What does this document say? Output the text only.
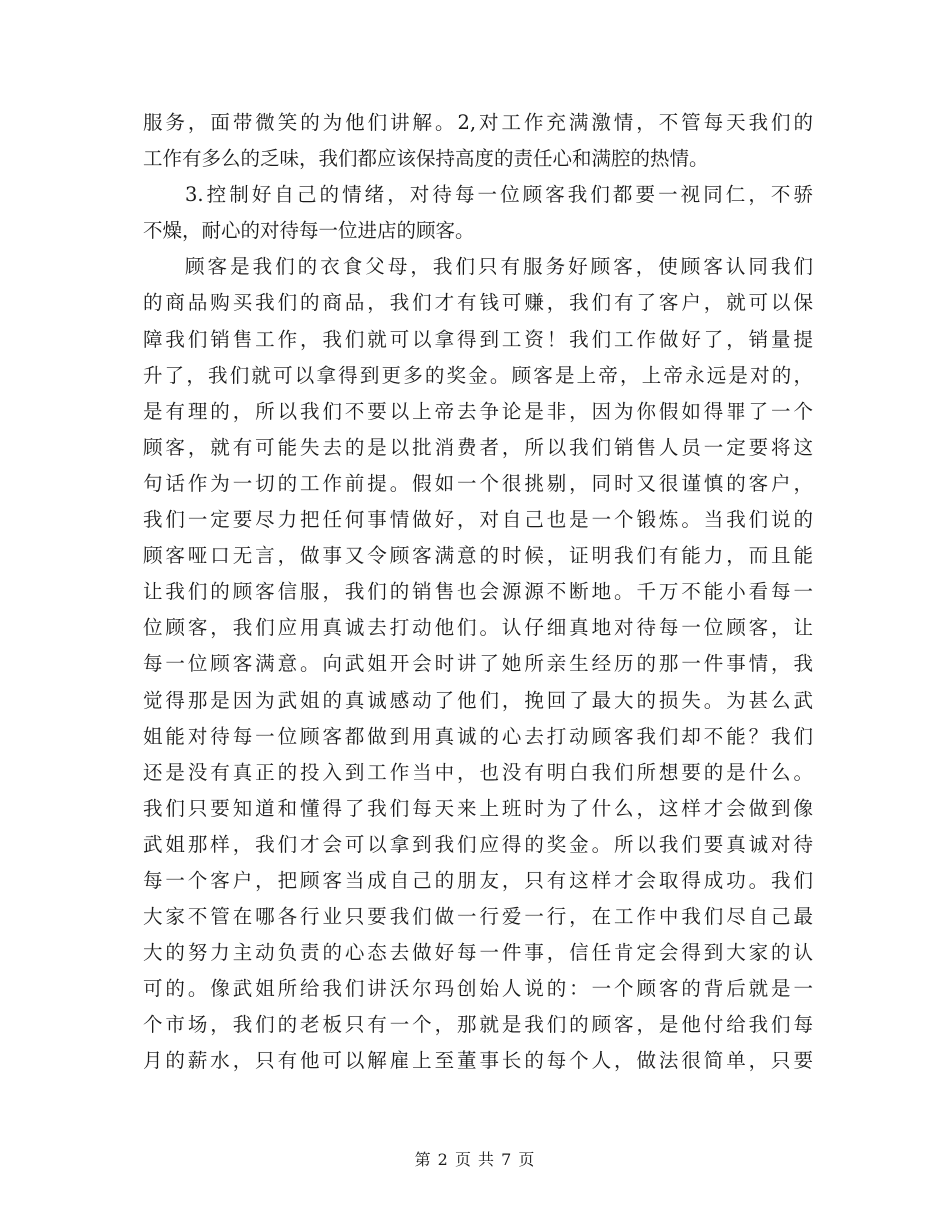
服务，面带微笑的为他们讲解。2,对工作充满激情，不管每天我们的
工作有多么的乏味，我们都应该保持高度的责任心和满腔的热情。
3.控制好自己的情绪，对待每一位顾客我们都要一视同仁，不骄
不燥，耐心的对待每一位进店的顾客。
顾客是我们的衣食父母，我们只有服务好顾客，使顾客认同我们
的商品购买我们的商品，我们才有钱可赚，我们有了客户，就可以保
障我们销售工作，我们就可以拿得到工资！我们工作做好了，销量提
升了，我们就可以拿得到更多的奖金。顾客是上帝，上帝永远是对的，
是有理的，所以我们不要以上帝去争论是非，因为你假如得罪了一个
顾客，就有可能失去的是以批消费者，所以我们销售人员一定要将这
句话作为一切的工作前提。假如一个很挑剔，同时又很谨慎的客户，
我们一定要尽力把任何事情做好，对自己也是一个锻炼。当我们说的
顾客哑口无言，做事又令顾客满意的时候，证明我们有能力，而且能
让我们的顾客信服，我们的销售也会源源不断地。千万不能小看每一
位顾客，我们应用真诚去打动他们。认仔细真地对待每一位顾客，让
每一位顾客满意。向武姐开会时讲了她所亲生经历的那一件事情，我
觉得那是因为武姐的真诚感动了他们，挽回了最大的损失。为甚么武
姐能对待每一位顾客都做到用真诚的心去打动顾客我们却不能？我们
还是没有真正的投入到工作当中，也没有明白我们所想要的是什么。
我们只要知道和懂得了我们每天来上班时为了什么，这样才会做到像
武姐那样，我们才会可以拿到我们应得的奖金。所以我们要真诚对待
每一个客户，把顾客当成自己的朋友，只有这样才会取得成功。我们
大家不管在哪各行业只要我们做一行爱一行，在工作中我们尽自己最
大的努力主动负责的心态去做好每一件事，信任肯定会得到大家的认
可的。像武姐所给我们讲沃尔玛创始人说的：一个顾客的背后就是一
个市场，我们的老板只有一个，那就是我们的顾客，是他付给我们每
月的薪水，只有他可以解雇上至董事长的每个人，做法很简单，只要
第 2 页 共 7 页
